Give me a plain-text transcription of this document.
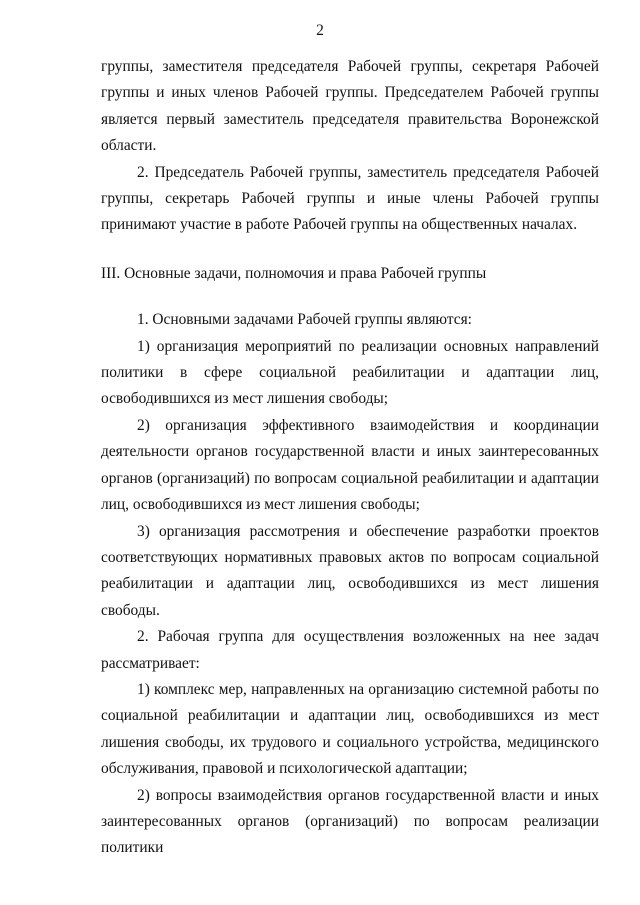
2

группы, заместителя председателя Рабочей группы, секретаря Рабочей группы и иных членов Рабочей группы. Председателем Рабочей группы является первый заместитель председателя правительства Воронежской области.

2. Председатель Рабочей группы, заместитель председателя Рабочей группы, секретарь Рабочей группы и иные члены Рабочей группы принимают участие в работе Рабочей группы на общественных началах.

III. Основные задачи, полномочия и права Рабочей группы

1. Основными задачами Рабочей группы являются:

1) организация мероприятий по реализации основных направлений политики в сфере социальной реабилитации и адаптации лиц, освободившихся из мест лишения свободы;

2) организация эффективного взаимодействия и координации деятельности органов государственной власти и иных заинтересованных органов (организаций) по вопросам социальной реабилитации и адаптации лиц, освободившихся из мест лишения свободы;

3) организация рассмотрения и обеспечение разработки проектов соответствующих нормативных правовых актов по вопросам социальной реабилитации и адаптации лиц, освободившихся из мест лишения свободы.

2. Рабочая группа для осуществления возложенных на нее задач рассматривает:

1) комплекс мер, направленных на организацию системной работы по социальной реабилитации и адаптации лиц, освободившихся из мест лишения свободы, их трудового и социального устройства, медицинского обслуживания, правовой и психологической адаптации;

2) вопросы взаимодействия органов государственной власти и иных заинтересованных органов (организаций) по вопросам реализации политики
